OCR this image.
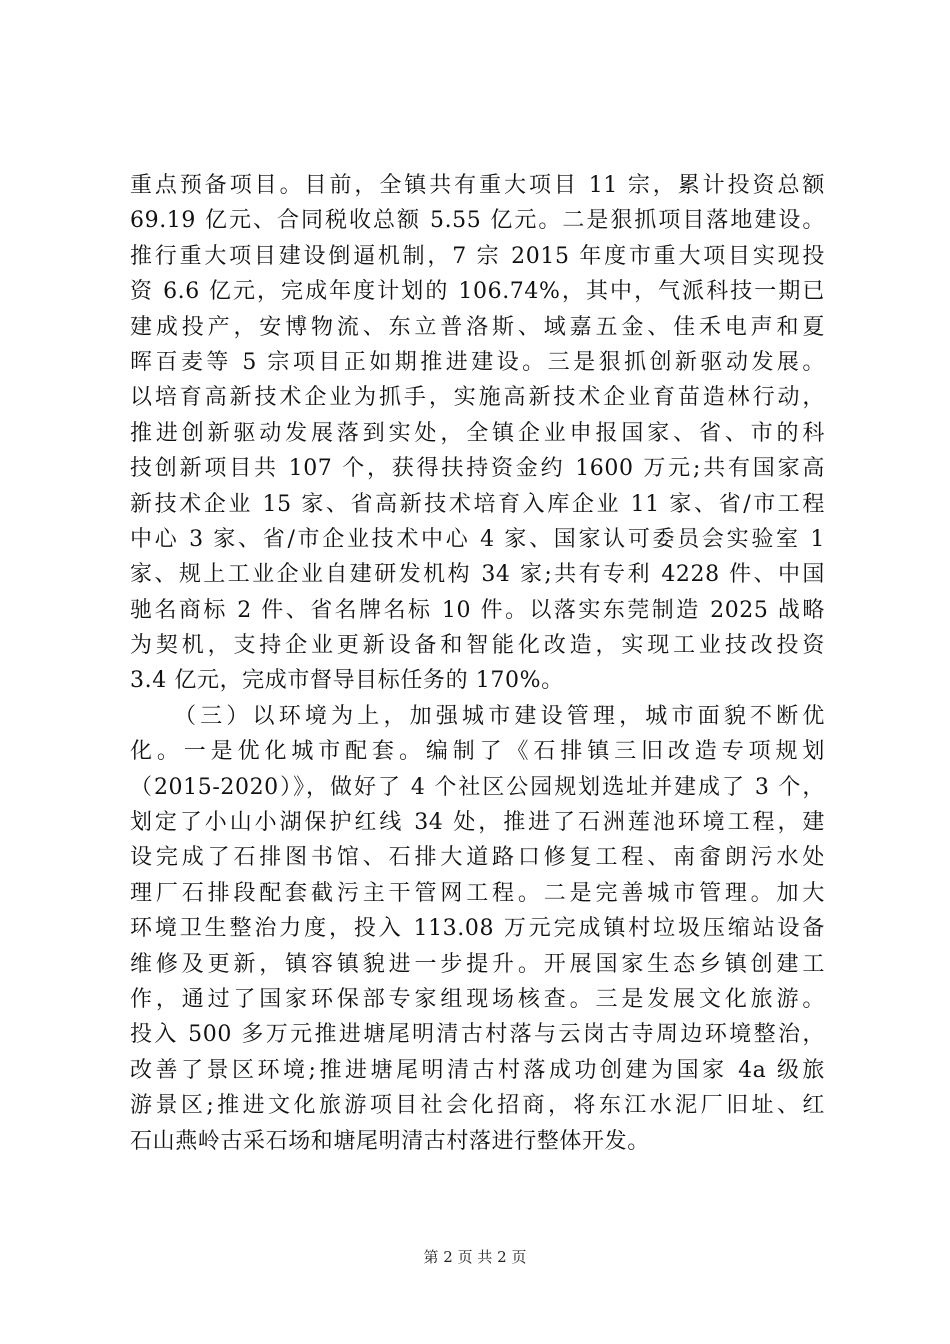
重点预备项目。目前，全镇共有重大项目 11 宗，累计投资总额
69.19 亿元、合同税收总额 5.55 亿元。二是狠抓项目落地建设。
推行重大项目建设倒逼机制，7 宗 2015 年度市重大项目实现投
资 6.6 亿元，完成年度计划的 106.74%，其中，气派科技一期已
建成投产，安博物流、东立普洛斯、域嘉五金、佳禾电声和夏
晖百麦等 5 宗项目正如期推进建设。三是狠抓创新驱动发展。
以培育高新技术企业为抓手，实施高新技术企业育苗造林行动，
推进创新驱动发展落到实处，全镇企业申报国家、省、市的科
技创新项目共 107 个，获得扶持资金约 1600 万元;共有国家高
新技术企业 15 家、省高新技术培育入库企业 11 家、省/市工程
中心 3 家、省/市企业技术中心 4 家、国家认可委员会实验室 1
家、规上工业企业自建研发机构 34 家;共有专利 4228 件、中国
驰名商标 2 件、省名牌名标 10 件。以落实东莞制造 2025 战略
为契机，支持企业更新设备和智能化改造，实现工业技改投资
3.4 亿元，完成市督导目标任务的 170%。
（三）以环境为上，加强城市建设管理，城市面貌不断优
化。一是优化城市配套。编制了《石排镇三旧改造专项规划
（2015-2020）》，做好了 4 个社区公园规划选址并建成了 3 个，
划定了小山小湖保护红线 34 处，推进了石洲莲池环境工程，建
设完成了石排图书馆、石排大道路口修复工程、南畲朗污水处
理厂石排段配套截污主干管网工程。二是完善城市管理。加大
环境卫生整治力度，投入 113.08 万元完成镇村垃圾压缩站设备
维修及更新，镇容镇貌进一步提升。开展国家生态乡镇创建工
作，通过了国家环保部专家组现场核查。三是发展文化旅游。
投入 500 多万元推进塘尾明清古村落与云岗古寺周边环境整治，
改善了景区环境;推进塘尾明清古村落成功创建为国家 4a 级旅
游景区;推进文化旅游项目社会化招商，将东江水泥厂旧址、红
石山燕岭古采石场和塘尾明清古村落进行整体开发。
第 2 页 共 2 页
